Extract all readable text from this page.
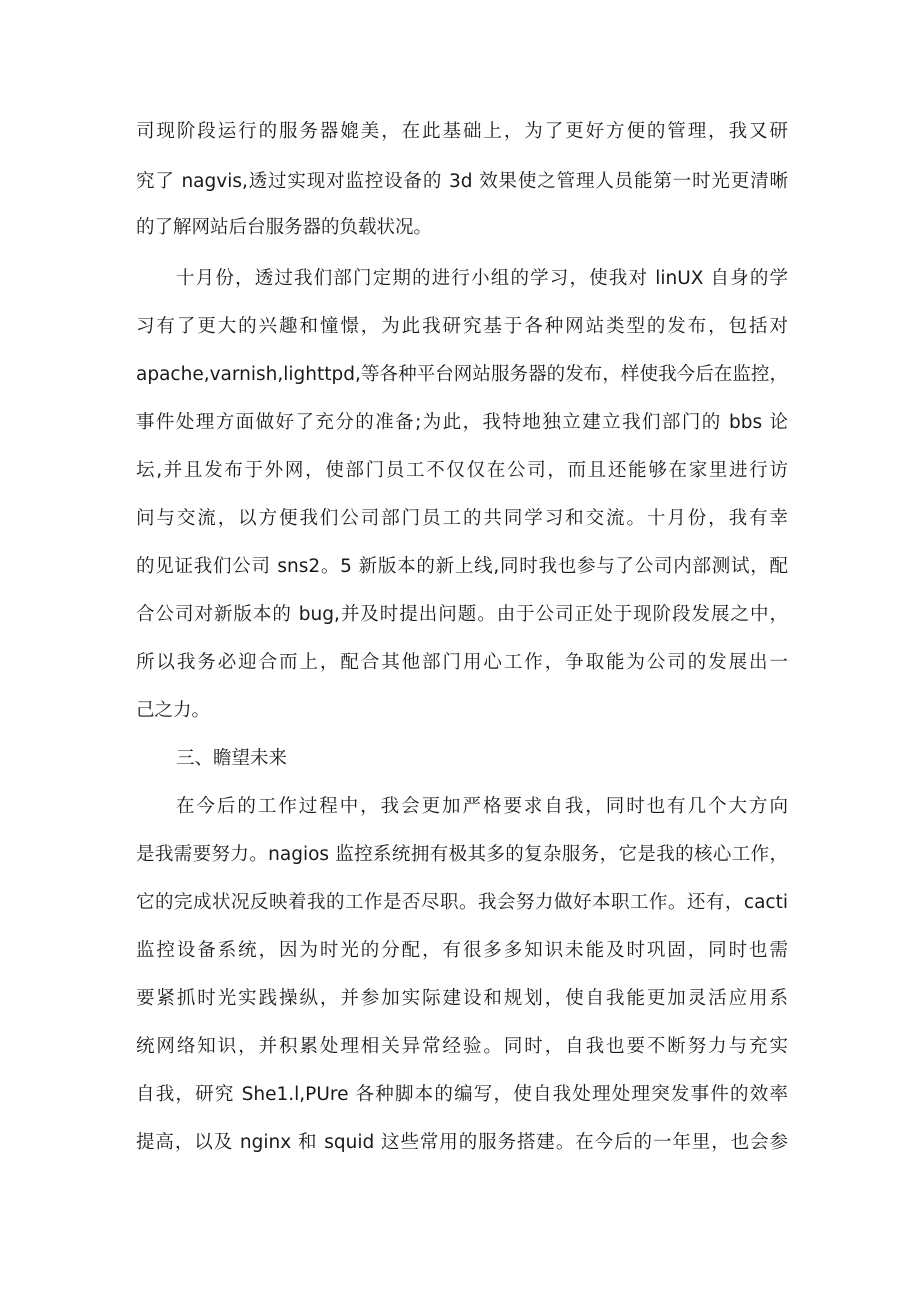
司现阶段运行的服务器媲美，在此基础上，为了更好方便的管理，我又研
究了 nagvis,透过实现对监控设备的 3d 效果使之管理人员能第一时光更清晰
的了解网站后台服务器的负载状况。
十月份，透过我们部门定期的进行小组的学习，使我对 linUX 自身的学
习有了更大的兴趣和憧憬，为此我研究基于各种网站类型的发布，包括对
apache,varnish,lighttpd,等各种平台网站服务器的发布，样使我今后在监控，
事件处理方面做好了充分的准备;为此，我特地独立建立我们部门的 bbs 论
坛,并且发布于外网，使部门员工不仅仅在公司，而且还能够在家里进行访
问与交流，以方便我们公司部门员工的共同学习和交流。十月份，我有幸
的见证我们公司 sns2。5 新版本的新上线,同时我也参与了公司内部测试，配
合公司对新版本的 bug,并及时提出问题。由于公司正处于现阶段发展之中，
所以我务必迎合而上，配合其他部门用心工作，争取能为公司的发展出一
己之力。
三、瞻望未来
在今后的工作过程中，我会更加严格要求自我，同时也有几个大方向
是我需要努力。nagios 监控系统拥有极其多的复杂服务，它是我的核心工作，
它的完成状况反映着我的工作是否尽职。我会努力做好本职工作。还有，cacti
监控设备系统，因为时光的分配，有很多多知识未能及时巩固，同时也需
要紧抓时光实践操纵，并参加实际建设和规划，使自我能更加灵活应用系
统网络知识，并积累处理相关异常经验。同时，自我也要不断努力与充实
自我，研究 She1.l,PUre 各种脚本的编写，使自我处理处理突发事件的效率
提高，以及 nginx 和 squid 这些常用的服务搭建。在今后的一年里，也会参
